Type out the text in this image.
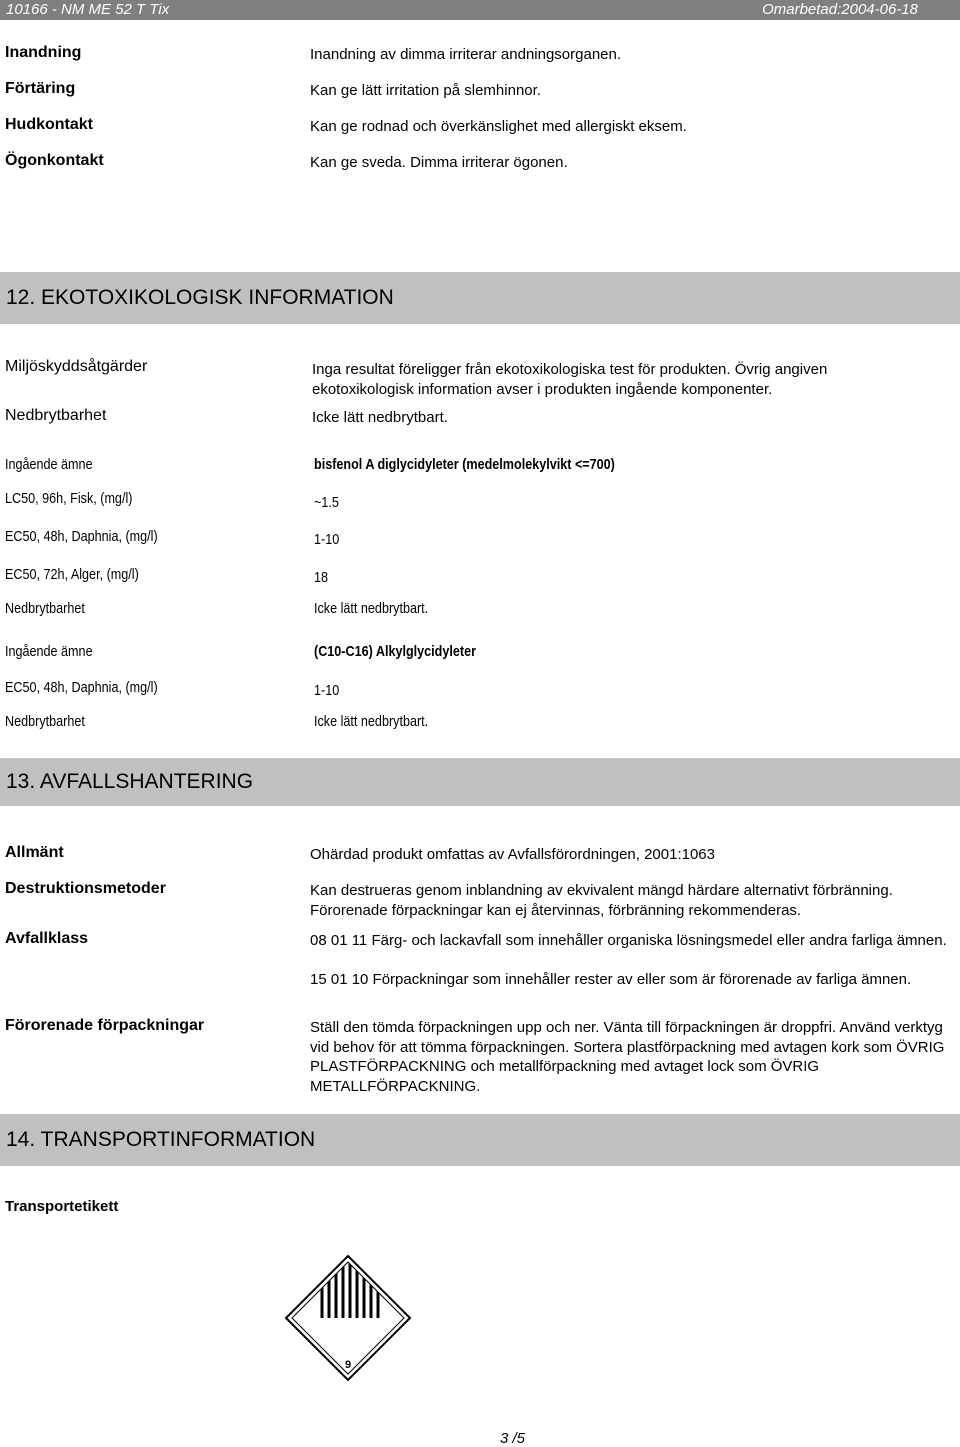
10166 - NM ME 52 T Tix	Omarbetad:2004-06-18
Inandning	Inandning av dimma irriterar andningsorganen.
Förtäring	Kan ge lätt irritation på slemhinnor.
Hudkontakt	Kan ge rodnad och överkänslighet med allergiskt eksem.
Ögonkontakt	Kan ge sveda. Dimma irriterar ögonen.
12. EKOTOXIKOLOGISK INFORMATION
Miljöskyddsåtgärder	Inga resultat föreligger från ekotoxikologiska test för produkten. Övrig angiven ekotoxikologisk information avser i produkten ingående komponenter.
Nedbrytbarhet	Icke lätt nedbrytbart.
Ingående ämne	bisfenol A diglycidyleter (medelmolekylvikt <=700)
LC50, 96h, Fisk, (mg/l)	~1.5
EC50, 48h, Daphnia, (mg/l)	1-10
EC50, 72h, Alger, (mg/l)	18
Nedbrytbarhet	Icke lätt nedbrytbart.
Ingående ämne	(C10-C16) Alkylglycidyleter
EC50, 48h, Daphnia, (mg/l)	1-10
Nedbrytbarhet	Icke lätt nedbrytbart.
13. AVFALLSHANTERING
Allmänt	Ohärdad produkt omfattas av Avfallsförordningen, 2001:1063
Destruktionsmetoder	Kan destrueras genom inblandning av ekvivalent mängd härdare alternativt förbränning. Förorenade förpackningar kan ej återvinnas, förbränning rekommenderas.
Avfallklass	08 01 11 Färg- och lackavfall som innehåller organiska lösningsmedel eller andra farliga ämnen.
15 01 10 Förpackningar som innehåller rester av eller som är förorenade av farliga ämnen.
Förorenade förpackningar	Ställ den tömda förpackningen upp och ner. Vänta till förpackningen är droppfri. Använd verktyg vid behov för att tömma förpackningen. Sortera plastförpackning med avtagen kork som ÖVRIG PLASTFÖRPACKNING och metallförpackning med avtaget lock som ÖVRIG METALLFÖRPACKNING.
14. TRANSPORTINFORMATION
Transportetikett
9
3 /5
